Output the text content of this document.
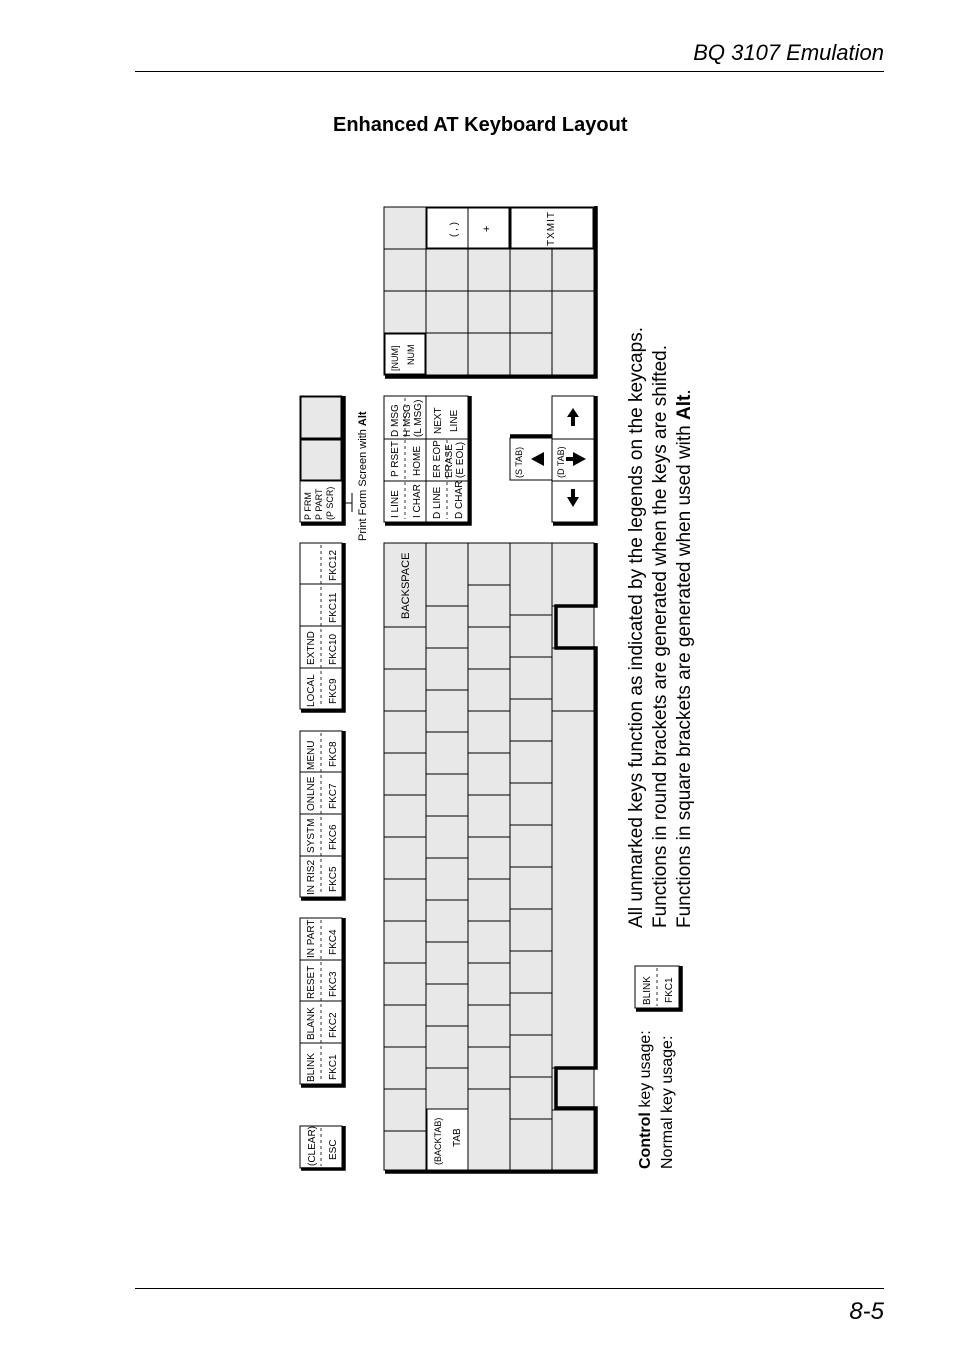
BQ 3107 Emulation
Enhanced AT Keyboard Layout
8-5
(CLEAR) ESC
BLINK FKC1
BLANK FKC2
RESET FKC3
IN PART FKC4
IN RIS2 FKC5
SYSTM FKC6
ONLNE FKC7
MENU FKC8
LOCAL FKC9
EXTND FKC10
FKC11
FKC12
P FRM P PART (P SCR) Print Form Screen with Alt
BACKSPACE
(BACKTAB) TAB
I LINE I CHAR
P RSET HOME
D MSG H MSG (L MSG)
D LINE D CHAR
ER EOP ERASE (E EOL)
NEXT LINE
(S TAB)	(D TAB)
[NUM] NUM
( , ) +	TXMIT
Control key usage: Normal key usage:
BLINK FKC1
All unmarked keys function as indicated by the legends on the keycaps. Functions in round brackets are generated when the keys are shifted. Functions in square brackets are generated when used with Alt.
